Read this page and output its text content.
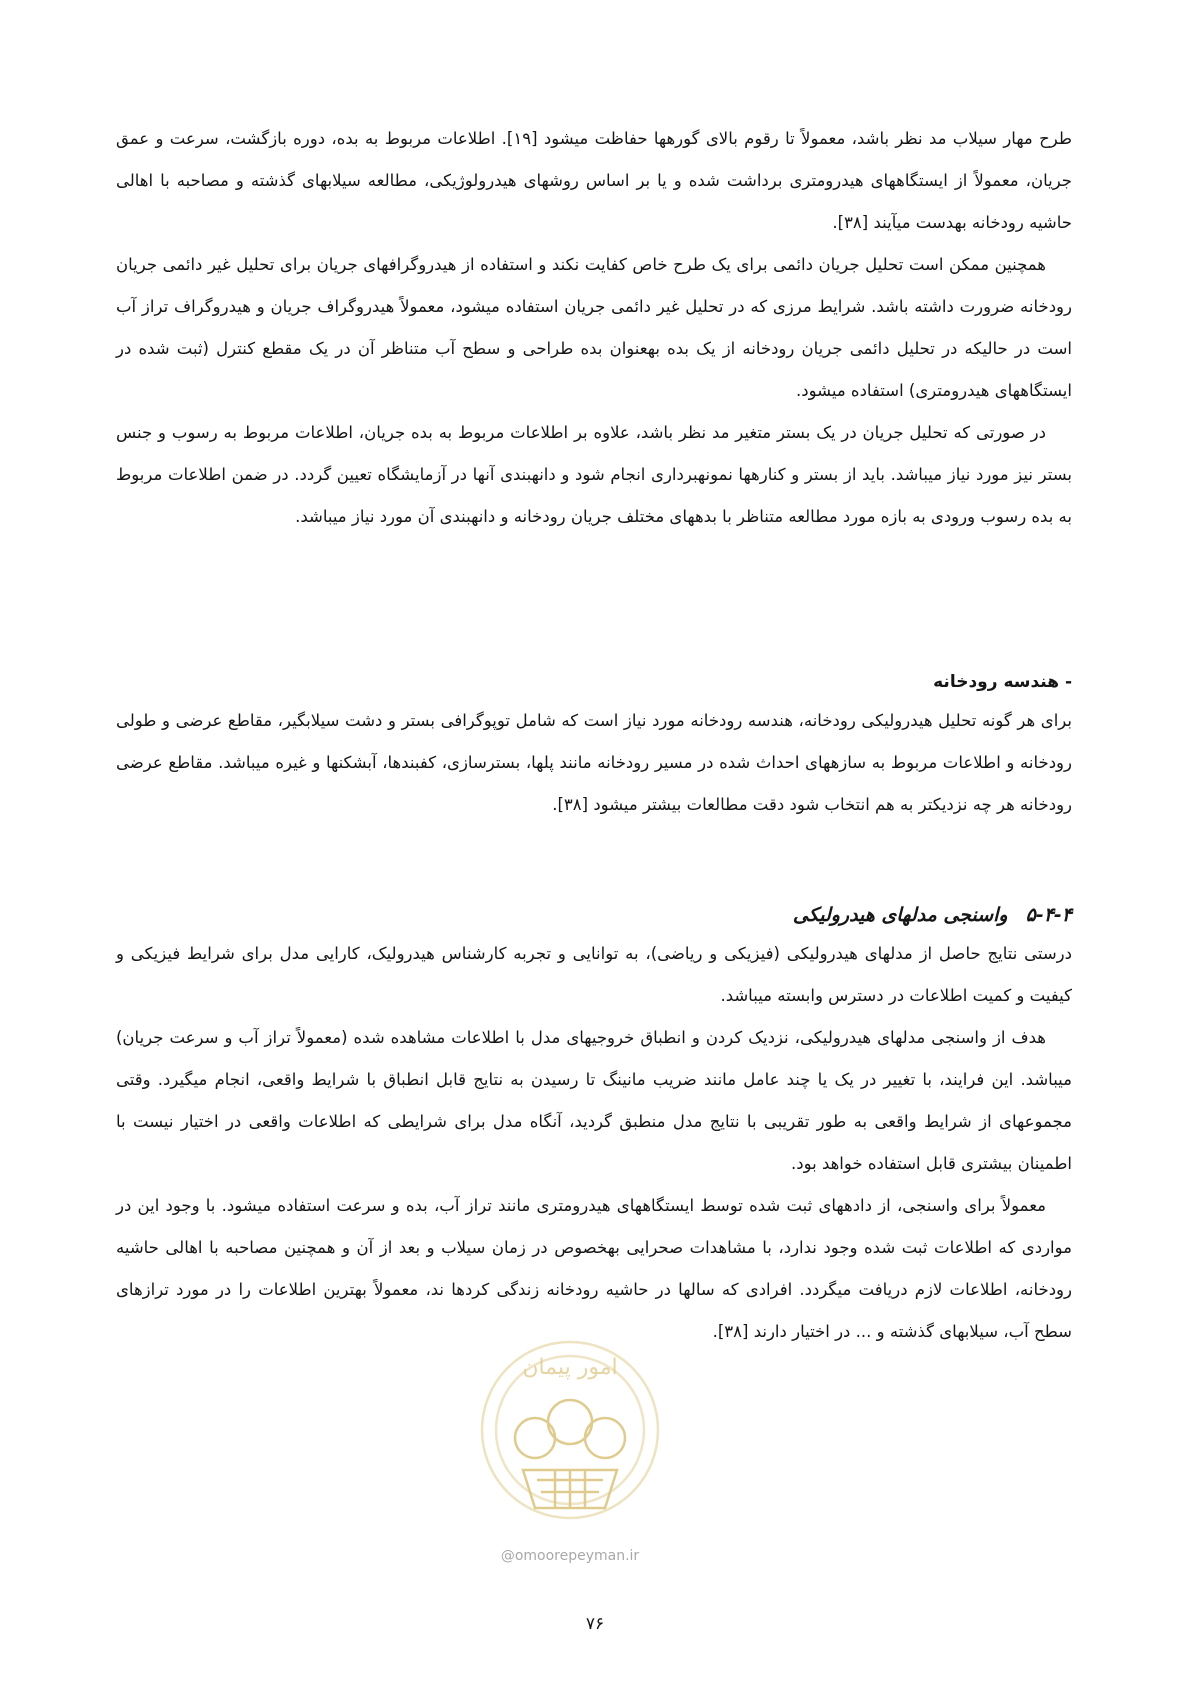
طرح مهار سیلاب مد نظر باشد، معمولاً تا رقوم بالای گورهها حفاظت میشود [۱۹]. اطلاعات مربوط به بده، دوره بازگشت، سرعت و عمق جریان، معمولاً از ایستگاههای هیدرومتری برداشت شده و یا بر اساس روشهای هیدرولوژیکی، مطالعه سیلابهای گذشته و مصاحبه با اهالی حاشیه رودخانه بهدست میآیند [۳۸].

همچنین ممکن است تحلیل جریان دائمی برای یک طرح خاص کفایت نکند و استفاده از هیدروگرافهای جریان برای تحلیل غیر دائمی جریان رودخانه ضرورت داشته باشد. شرایط مرزی که در تحلیل غیر دائمی جریان استفاده میشود، معمولاً هیدروگراف جریان و هیدروگراف تراز آب است در حالیکه در تحلیل دائمی جریان رودخانه از یک بده بهعنوان بده طراحی و سطح آب متناظر آن در یک مقطع کنترل (ثبت شده در ایستگاههای هیدرومتری) استفاده میشود.

در صورتی که تحلیل جریان در یک بستر متغیر مد نظر باشد، علاوه بر اطلاعات مربوط به بده جریان، اطلاعات مربوط به رسوب و جنس بستر نیز مورد نیاز میباشد. باید از بستر و کنارهها نمونهبرداری انجام شود و دانهبندی آنها در آزمایشگاه تعیین گردد. در ضمن اطلاعات مربوط به بده رسوب ورودی به بازه مورد مطالعه متناظر با بدههای مختلف جریان رودخانه و دانهبندی آن مورد نیاز میباشد.

- هندسه رودخانه

برای هر گونه تحلیل هیدرولیکی رودخانه، هندسه رودخانه مورد نیاز است که شامل توپوگرافی بستر و دشت سیلابگیر، مقاطع عرضی و طولی رودخانه و اطلاعات مربوط به سازههای احداث شده در مسیر رودخانه مانند پلها، بسترسازی، کفبندها، آبشکنها و غیره میباشد. مقاطع عرضی رودخانه هر چه نزدیکتر به هم انتخاب شود دقت مطالعات بیشتر میشود [۳۸].

۵-۴-۴واسنجی مدلهای هیدرولیکی

درستی نتایج حاصل از مدلهای هیدرولیکی (فیزیکی و ریاضی)، به توانایی و تجربه کارشناس هیدرولیک، کارایی مدل برای شرایط فیزیکی و کیفیت و کمیت اطلاعات در دسترس وابسته میباشد.

هدف از واسنجی مدلهای هیدرولیکی، نزدیک کردن و انطباق خروجیهای مدل با اطلاعات مشاهده شده (معمولاً تراز آب و سرعت جریان) میباشد. این فرایند، با تغییر در یک یا چند عامل مانند ضریب مانینگ تا رسیدن به نتایج قابل انطباق با شرایط واقعی، انجام میگیرد. وقتی مجموعهای از شرایط واقعی به طور تقریبی با نتایج مدل منطبق گردید، آنگاه مدل برای شرایطی که اطلاعات واقعی در اختیار نیست با اطمینان بیشتری قابل استفاده خواهد بود.

معمولاً برای واسنجی، از دادههای ثبت شده توسط ایستگاههای هیدرومتری مانند تراز آب، بده و سرعت استفاده میشود. با وجود این در مواردی که اطلاعات ثبت شده وجود ندارد، با مشاهدات صحرایی بهخصوص در زمان سیلاب و بعد از آن و همچنین مصاحبه با اهالی حاشیه رودخانه، اطلاعات لازم دریافت میگردد. افرادی که سالها در حاشیه رودخانه زندگی کردها ند، معمولاً بهترین اطلاعات را در مورد ترازهای سطح آب، سیلابهای گذشته و ... در اختیار دارند [۳۸].

امور پیمان
@omoorepeyman.ir
۷۶
